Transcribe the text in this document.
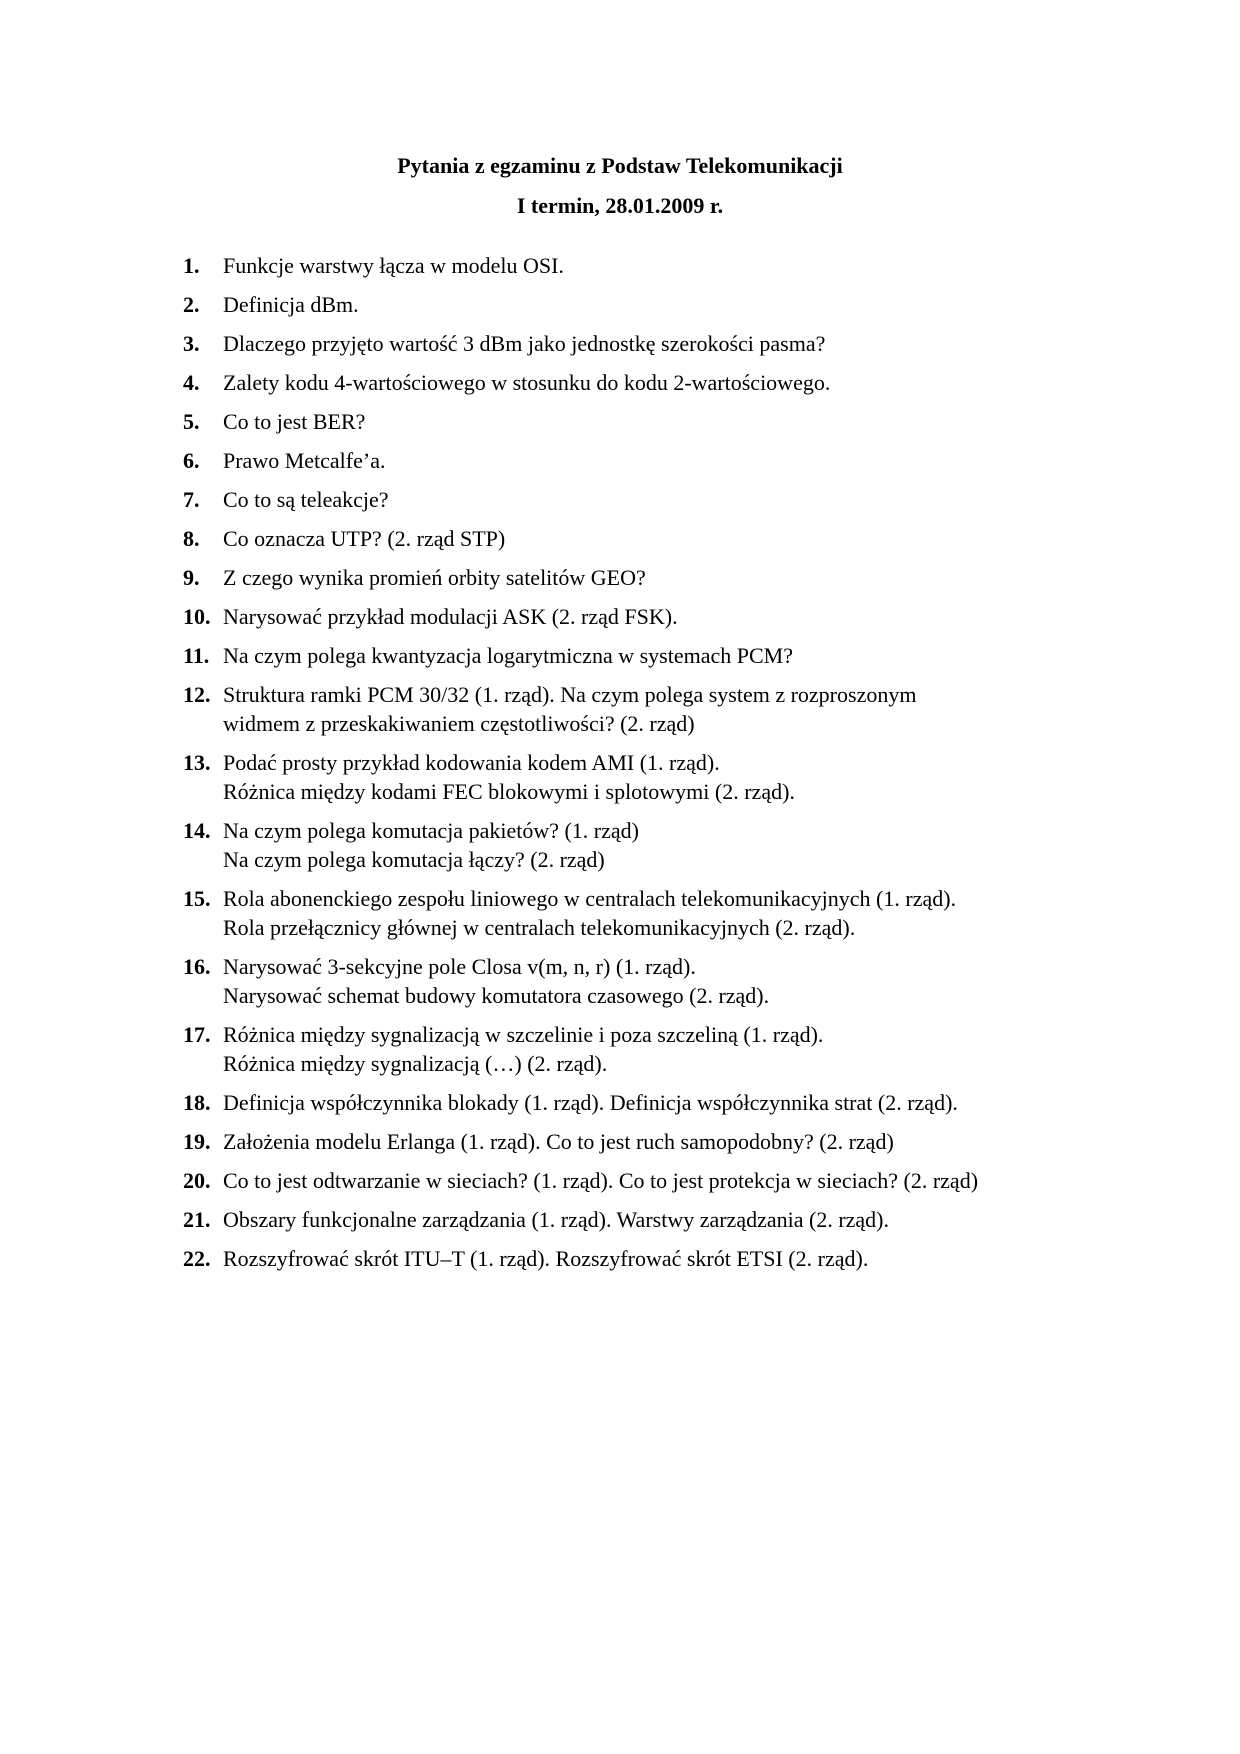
Pytania z egzaminu z Podstaw Telekomunikacji
I termin, 28.01.2009 r.
1.	Funkcje warstwy łącza w modelu OSI.
2.	Definicja dBm.
3.	Dlaczego przyjęto wartość 3 dBm jako jednostkę szerokości pasma?
4.	Zalety kodu 4-wartościowego w stosunku do kodu 2-wartościowego.
5.	Co to jest BER?
6.	Prawo Metcalfe’a.
7.	Co to są teleakcje?
8.	Co oznacza UTP? (2. rząd STP)
9.	Z czego wynika promień orbity satelitów GEO?
10. Narysować przykład modulacji ASK (2. rząd FSK).
11. Na czym polega kwantyzacja logarytmiczna w systemach PCM?
12. Struktura ramki PCM 30/32 (1. rząd). Na czym polega system z rozproszonym
widmem z przeskakiwaniem częstotliwości? (2. rząd)
13. Podać prosty przykład kodowania kodem AMI (1. rząd).
Różnica między kodami FEC blokowymi i splotowymi (2. rząd).
14. Na czym polega komutacja pakietów? (1. rząd)
Na czym polega komutacja łączy? (2. rząd)
15. Rola abonenckiego zespołu liniowego w centralach telekomunikacyjnych (1. rząd).
Rola przełącznicy głównej w centralach telekomunikacyjnych (2. rząd).
16. Narysować 3-sekcyjne pole Closa v(m, n, r) (1. rząd).
Narysować schemat budowy komutatora czasowego (2. rząd).
17. Różnica między sygnalizacją w szczelinie i poza szczeliną (1. rząd).
Różnica między sygnalizacją (…) (2. rząd).
18. Definicja współczynnika blokady (1. rząd). Definicja współczynnika strat (2. rząd).
19. Założenia modelu Erlanga (1. rząd). Co to jest ruch samopodobny? (2. rząd)
20. Co to jest odtwarzanie w sieciach? (1. rząd). Co to jest protekcja w sieciach? (2. rząd)
21. Obszary funkcjonalne zarządzania (1. rząd). Warstwy zarządzania (2. rząd).
22. Rozszyfrować skrót ITU–T (1. rząd). Rozszyfrować skrót ETSI (2. rząd).
